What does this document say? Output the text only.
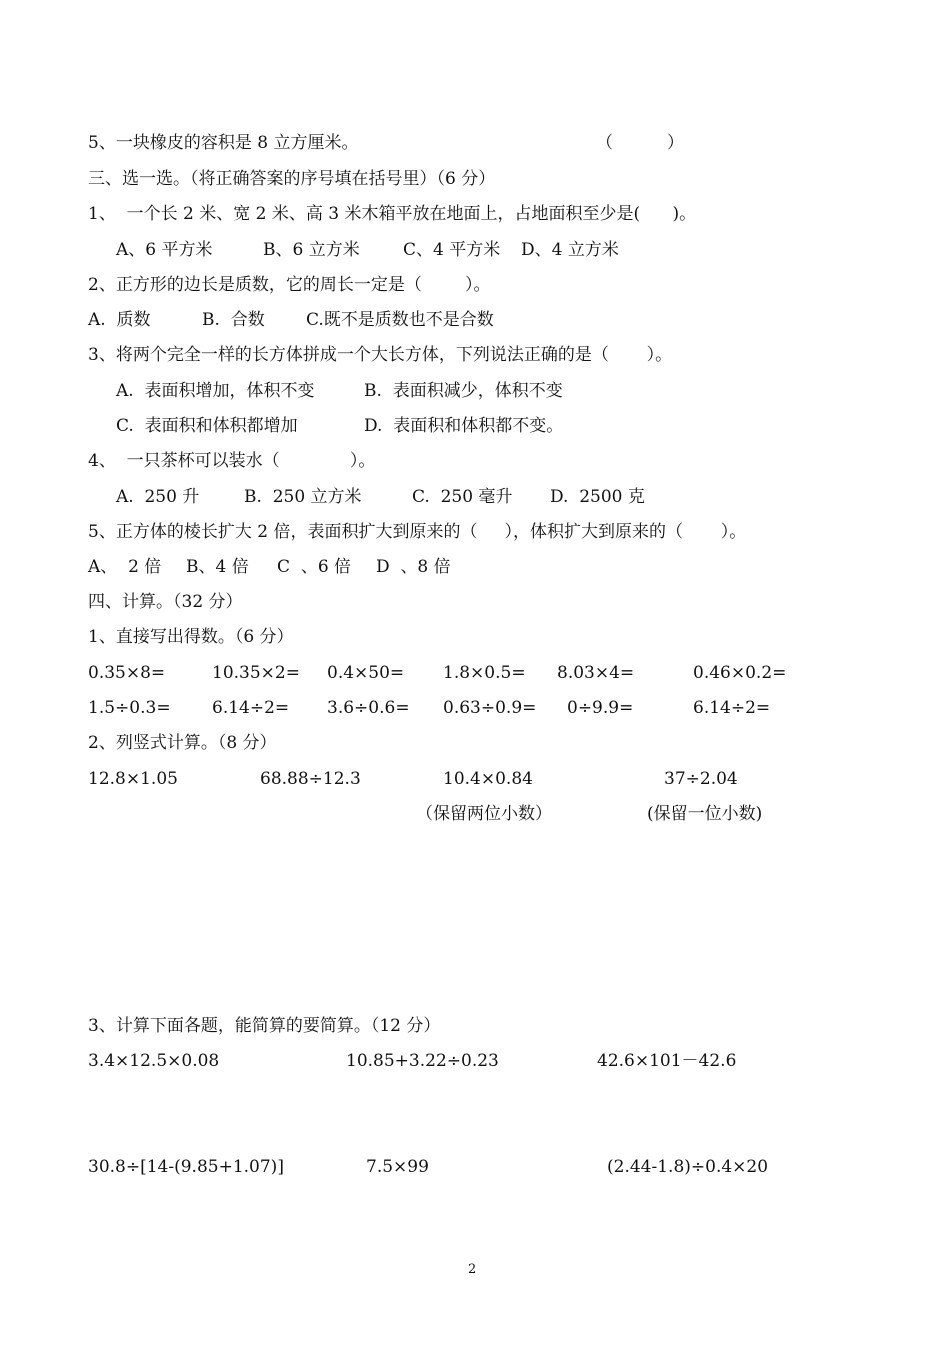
5、一块橡皮的容积是 8 立方厘米。	（          ）
三、选一选。（将正确答案的序号填在括号里）（6 分）
1、  一个长 2 米、宽 2 米、高 3 米木箱平放在地面上，占地面积至少是(      )。
A、6 平方米	B、6 立方米	C、4 平方米 D、4 立方米
2、正方形的边长是质数，它的周长一定是（        ）。
A.  质数	B.  合数 C.既不是质数也不是合数
3、将两个完全一样的长方体拼成一个大长方体，下列说法正确的是（       ）。
A.  表面积增加，体积不变	B.  表面积减少，体积不变
C.  表面积和体积都增加	D.  表面积和体积都不变。
4、  一只茶杯可以装水（             ）。
A.  250 升	B.  250 立方米	C.  250 毫升 D.  2500 克
5、正方体的棱长扩大 2 倍，表面积扩大到原来的（     ），体积扩大到原来的（       ）。
A、  2 倍 B、4 倍 C  、6 倍 D  、8 倍
四、计算。（32 分）
1、直接写出得数。（6 分）
0.35×8=	10.35×2= 0.4×50= 1.8×0.5= 8.03×4=	0.46×0.2=
1.5÷0.3= 6.14÷2= 3.6÷0.6= 0.63÷0.9= 0÷9.9=	6.14÷2=
2、列竖式计算。（8 分）
12.8×1.05	68.88÷12.3	10.4×0.84	37÷2.04
（保留两位小数）	(保留一位小数)
3、计算下面各题，能简算的要简算。（12 分）
3.4×12.5×0.08	10.85+3.22÷0.23	42.6×101－42.6
30.8÷[14-(9.85+1.07)]	7.5×99	(2.44-1.8)÷0.4×20
2
